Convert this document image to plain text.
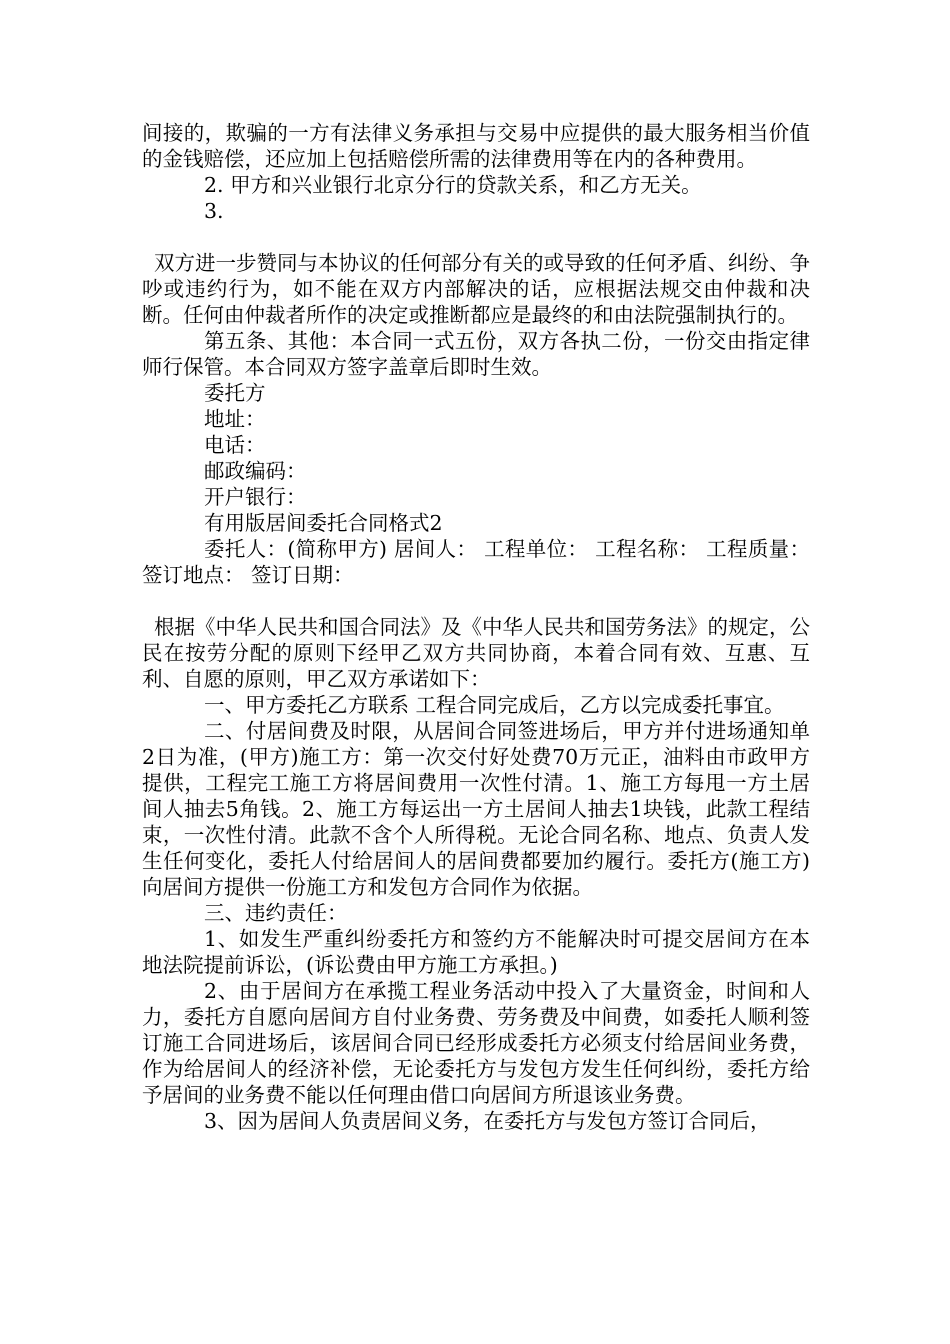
间接的，欺骗的一方有法律义务承担与交易中应提供的最大服务相当价值的金钱赔偿，还应加上包括赔偿所需的法律费用等在内的各种费用。

2. 甲方和兴业银行北京分行的贷款关系，和乙方无关。

3.

双方进一步赞同与本协议的任何部分有关的或导致的任何矛盾、纠纷、争吵或违约行为，如不能在双方内部解决的话，应根据法规交由仲裁和决断。任何由仲裁者所作的决定或推断都应是最终的和由法院强制执行的。

第五条、其他：本合同一式五份，双方各执二份，一份交由指定律师行保管。本合同双方签字盖章后即时生效。

委托方

地址：

电话：

邮政编码：

开户银行：

有用版居间委托合同格式2

委托人：(简称甲方) 居间人： 工程单位： 工程名称： 工程质量： 签订地点： 签订日期：

根据《中华人民共和国合同法》及《中华人民共和国劳务法》的规定，公民在按劳分配的原则下经甲乙双方共同协商，本着合同有效、互惠、互利、自愿的原则，甲乙双方承诺如下：

一、甲方委托乙方联系 工程合同完成后，乙方以完成委托事宜。

二、付居间费及时限，从居间合同签进场后，甲方并付进场通知单2日为准，(甲方)施工方：第一次交付好处费70万元正，油料由市政甲方提供，工程完工施工方将居间费用一次性付清。1、施工方每甩一方土居间人抽去5角钱。2、施工方每运出一方土居间人抽去1块钱，此款工程结束，一次性付清。此款不含个人所得税。无论合同名称、地点、负责人发生任何变化，委托人付给居间人的居间费都要加约履行。委托方(施工方)向居间方提供一份施工方和发包方合同作为依据。

三、违约责任：

1、如发生严重纠纷委托方和签约方不能解决时可提交居间方在本地法院提前诉讼，(诉讼费由甲方施工方承担。)

2、由于居间方在承揽工程业务活动中投入了大量资金，时间和人力，委托方自愿向居间方自付业务费、劳务费及中间费，如委托人顺利签订施工合同进场后，该居间合同已经形成委托方必须支付给居间业务费，作为给居间人的经济补偿，无论委托方与发包方发生任何纠纷，委托方给予居间的业务费不能以任何理由借口向居间方所退该业务费。

3、因为居间人负责居间义务，在委托方与发包方签订合同后，
